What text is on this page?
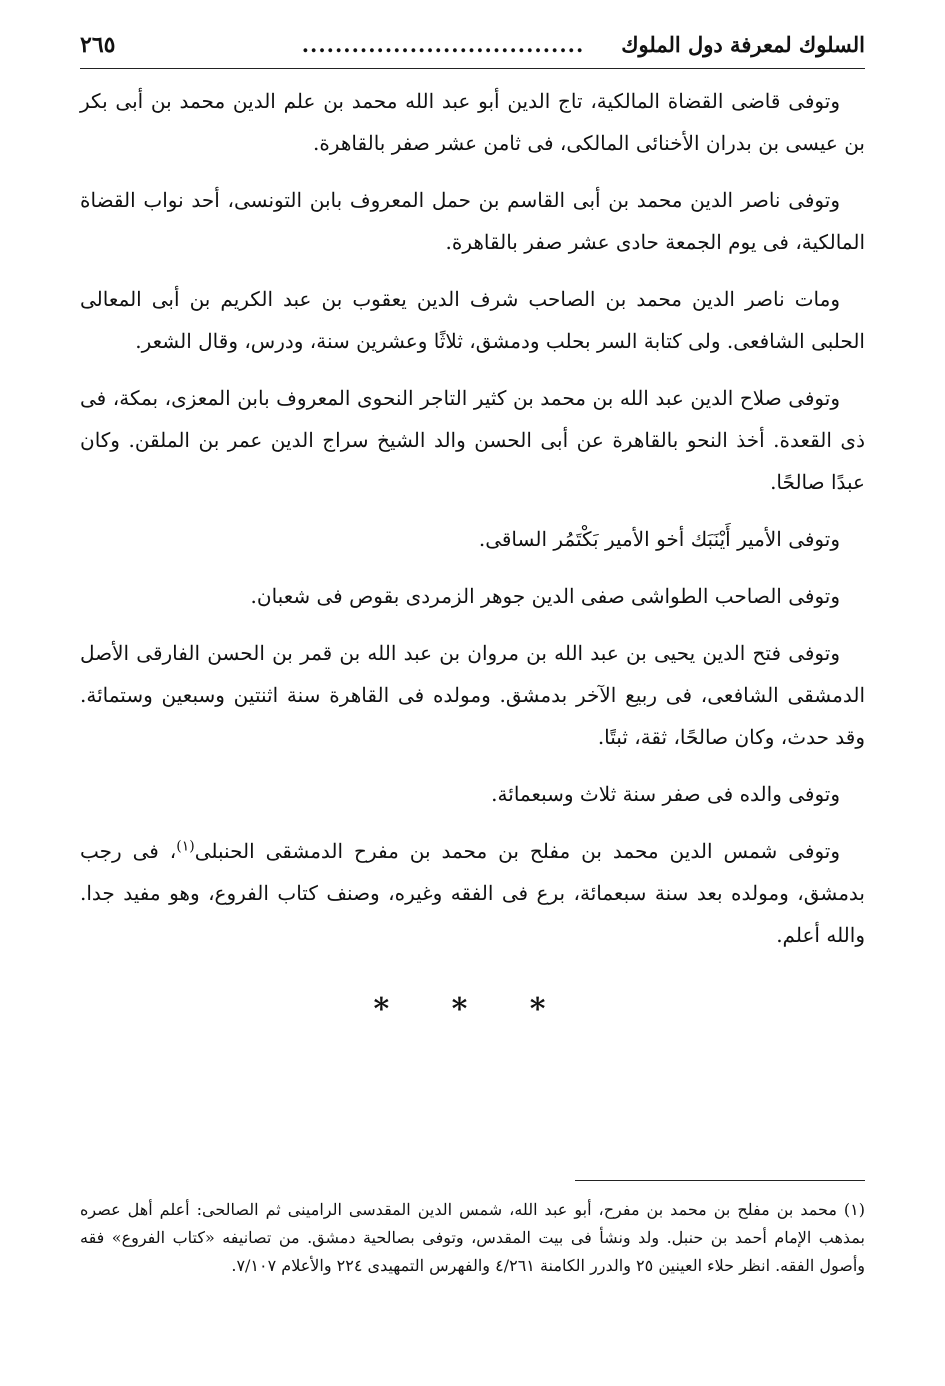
السلوك لمعرفة دول الملوك
..................................
٢٦٥

وتوفى قاضى القضاة المالكية، تاج الدين أبو عبد الله محمد بن علم الدين محمد بن أبى بكر بن عيسى بن بدران الأخنائى المالكى، فى ثامن عشر صفر بالقاهرة.

وتوفى ناصر الدين محمد بن أبى القاسم بن حمل المعروف بابن التونسى، أحد نواب القضاة المالكية، فى يوم الجمعة حادى عشر صفر بالقاهرة.

ومات ناصر الدين محمد بن الصاحب شرف الدين يعقوب بن عبد الكريم بن أبى المعالى الحلبى الشافعى. ولى كتابة السر بحلب ودمشق، ثلاثًا وعشرين سنة، ودرس، وقال الشعر.

وتوفى صلاح الدين عبد الله بن محمد بن كثير التاجر النحوى المعروف بابن المعزى، بمكة، فى ذى القعدة. أخذ النحو بالقاهرة عن أبى الحسن والد الشيخ سراج الدين عمر بن الملقن. وكان عبدًا صالحًا.

وتوفى الأمير أَيْنَبَك أخو الأمير بَكْتَمُر الساقى.

وتوفى الصاحب الطواشى صفى الدين جوهر الزمردى بقوص فى شعبان.

وتوفى فتح الدين يحيى بن عبد الله بن مروان بن عبد الله بن قمر بن الحسن الفارقى الأصل الدمشقى الشافعى، فى ربيع الآخر بدمشق. ومولده فى القاهرة سنة اثنتين وسبعين وستمائة. وقد حدث، وكان صالحًا، ثقة، ثبتًا.

وتوفى والده فى صفر سنة ثلاث وسبعمائة.

وتوفى شمس الدين محمد بن مفلح بن محمد بن مفرح الدمشقى الحنبلى$^{(١)}$، فى رجب بدمشق، ومولده بعد سنة سبعمائة، برع فى الفقه وغيره، وصنف كتاب الفروع، وهو مفيد جدا. والله أعلم.

* * *

(١) محمد بن مفلح بن محمد بن مفرح، أبو عبد الله، شمس الدين المقدسى الرامينى ثم الصالحى: أعلم أهل عصره بمذهب الإمام أحمد بن حنبل. ولد ونشأ فى بيت المقدس، وتوفى بصالحية دمشق. من تصانيفه «كتاب الفروع» فقه وأصول الفقه. انظر حلاء العينين ٢٥ والدرر الكامنة ٤/٢٦١ والفهرس التمهيدى ٢٢٤ والأعلام ٧/١٠٧.
